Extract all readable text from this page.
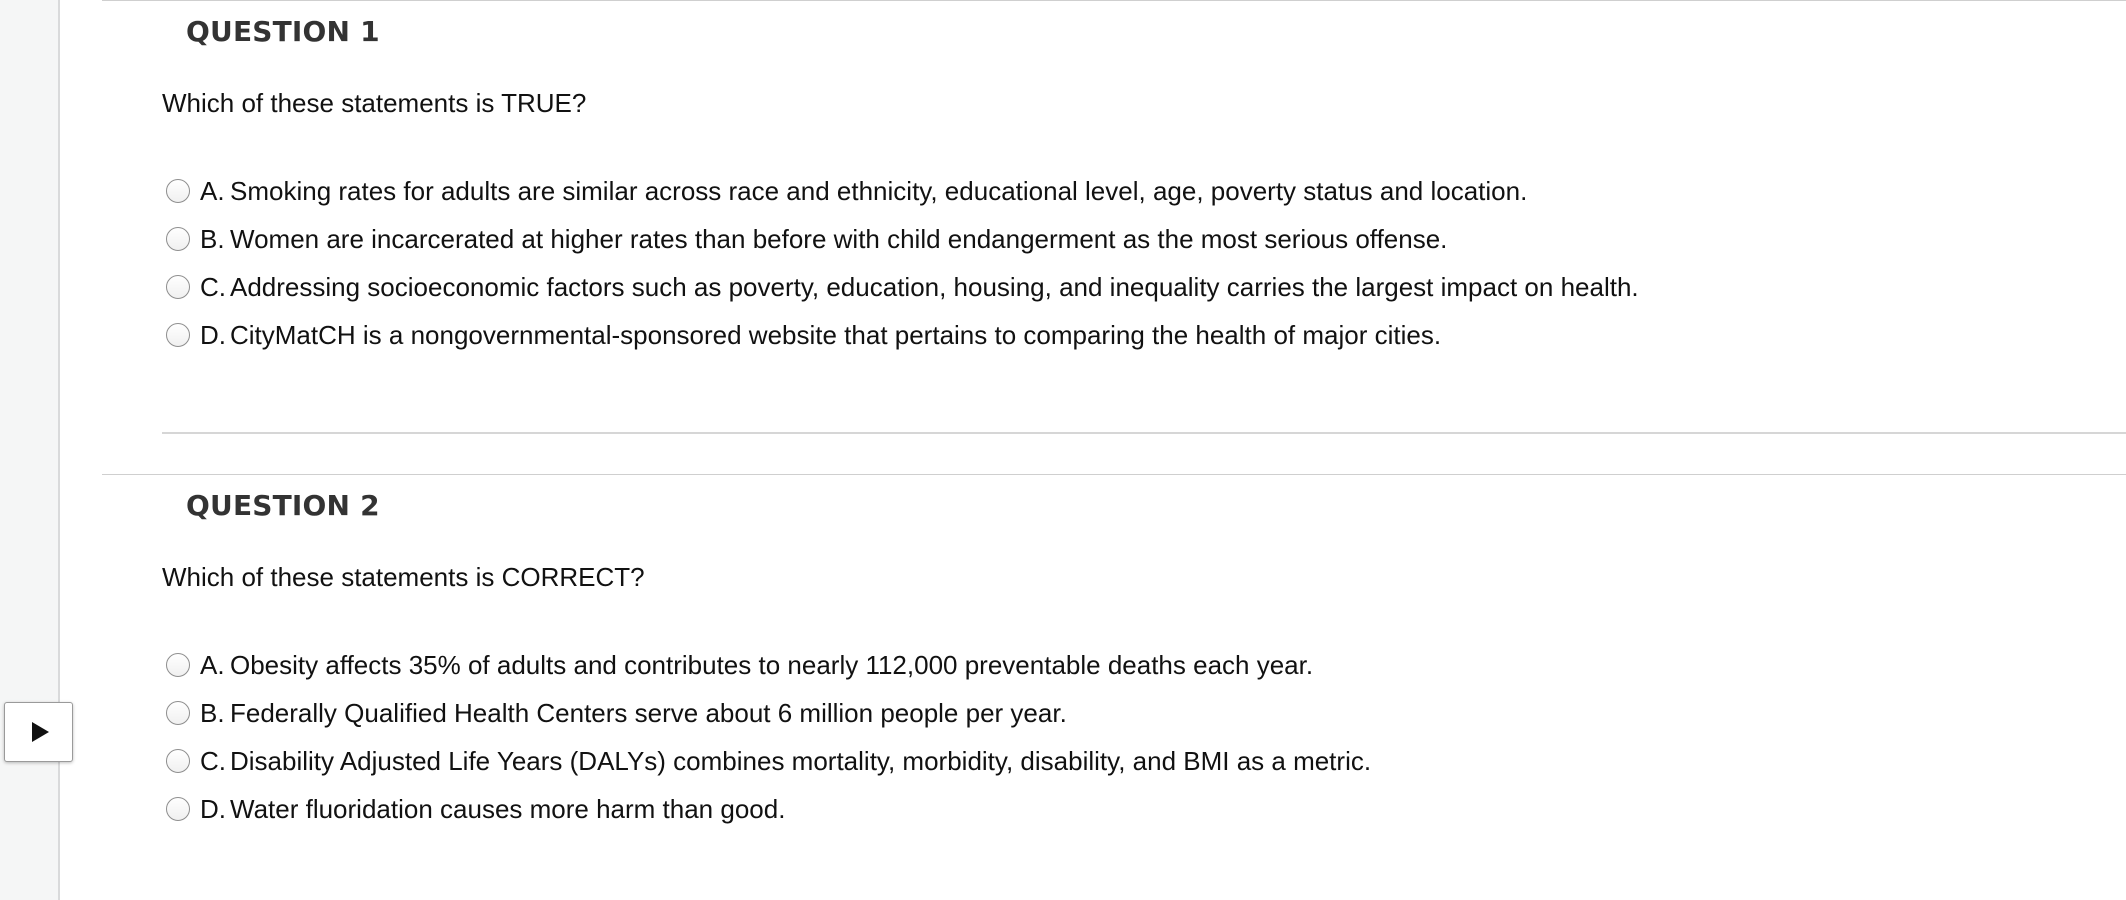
QUESTION 1

Which of these statements is TRUE?

A. Smoking rates for adults are similar across race and ethnicity, educational level, age, poverty status and location.
B. Women are incarcerated at higher rates than before with child endangerment as the most serious offense.
C. Addressing socioeconomic factors such as poverty, education, housing, and inequality carries the largest impact on health.
D. CityMatCH is a nongovernmental-sponsored website that pertains to comparing the health of major cities.
QUESTION 2

Which of these statements is CORRECT?

A. Obesity affects 35% of adults and contributes to nearly 112,000 preventable deaths each year.
B. Federally Qualified Health Centers serve about 6 million people per year.
C. Disability Adjusted Life Years (DALYs) combines mortality, morbidity, disability, and BMI as a metric.
D. Water fluoridation causes more harm than good.
